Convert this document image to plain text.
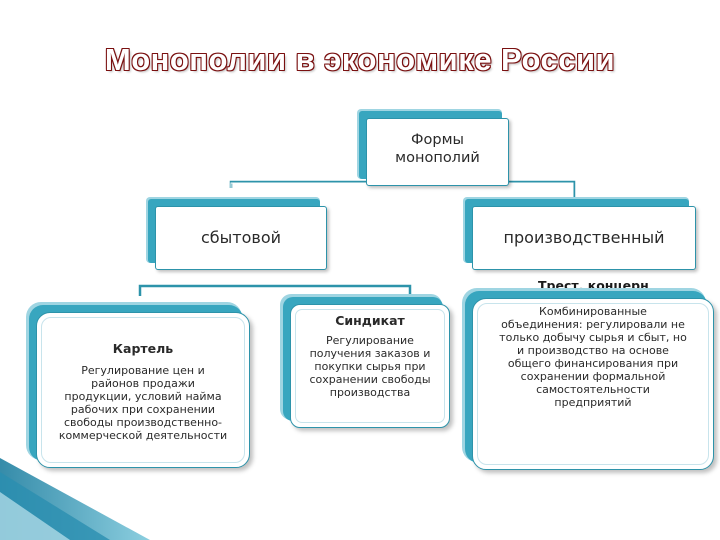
Монополии в экономике России
Формы
монополий
сбытовой	производственный
Картель
Регулирование цен и
районов продажи
продукции, условий найма
рабочих при сохранении
свободы производственно-
коммерческой деятельности
Синдикат
Регулирование
получения заказов и
покупки сырья при
сохранении свободы
производства
Трест, концерн
Комбинированные
объединения: регулировали не
только добычу сырья и сбыт, но
и производство на основе
общего финансирования при
сохранении формальной
самостоятельности
предприятий
